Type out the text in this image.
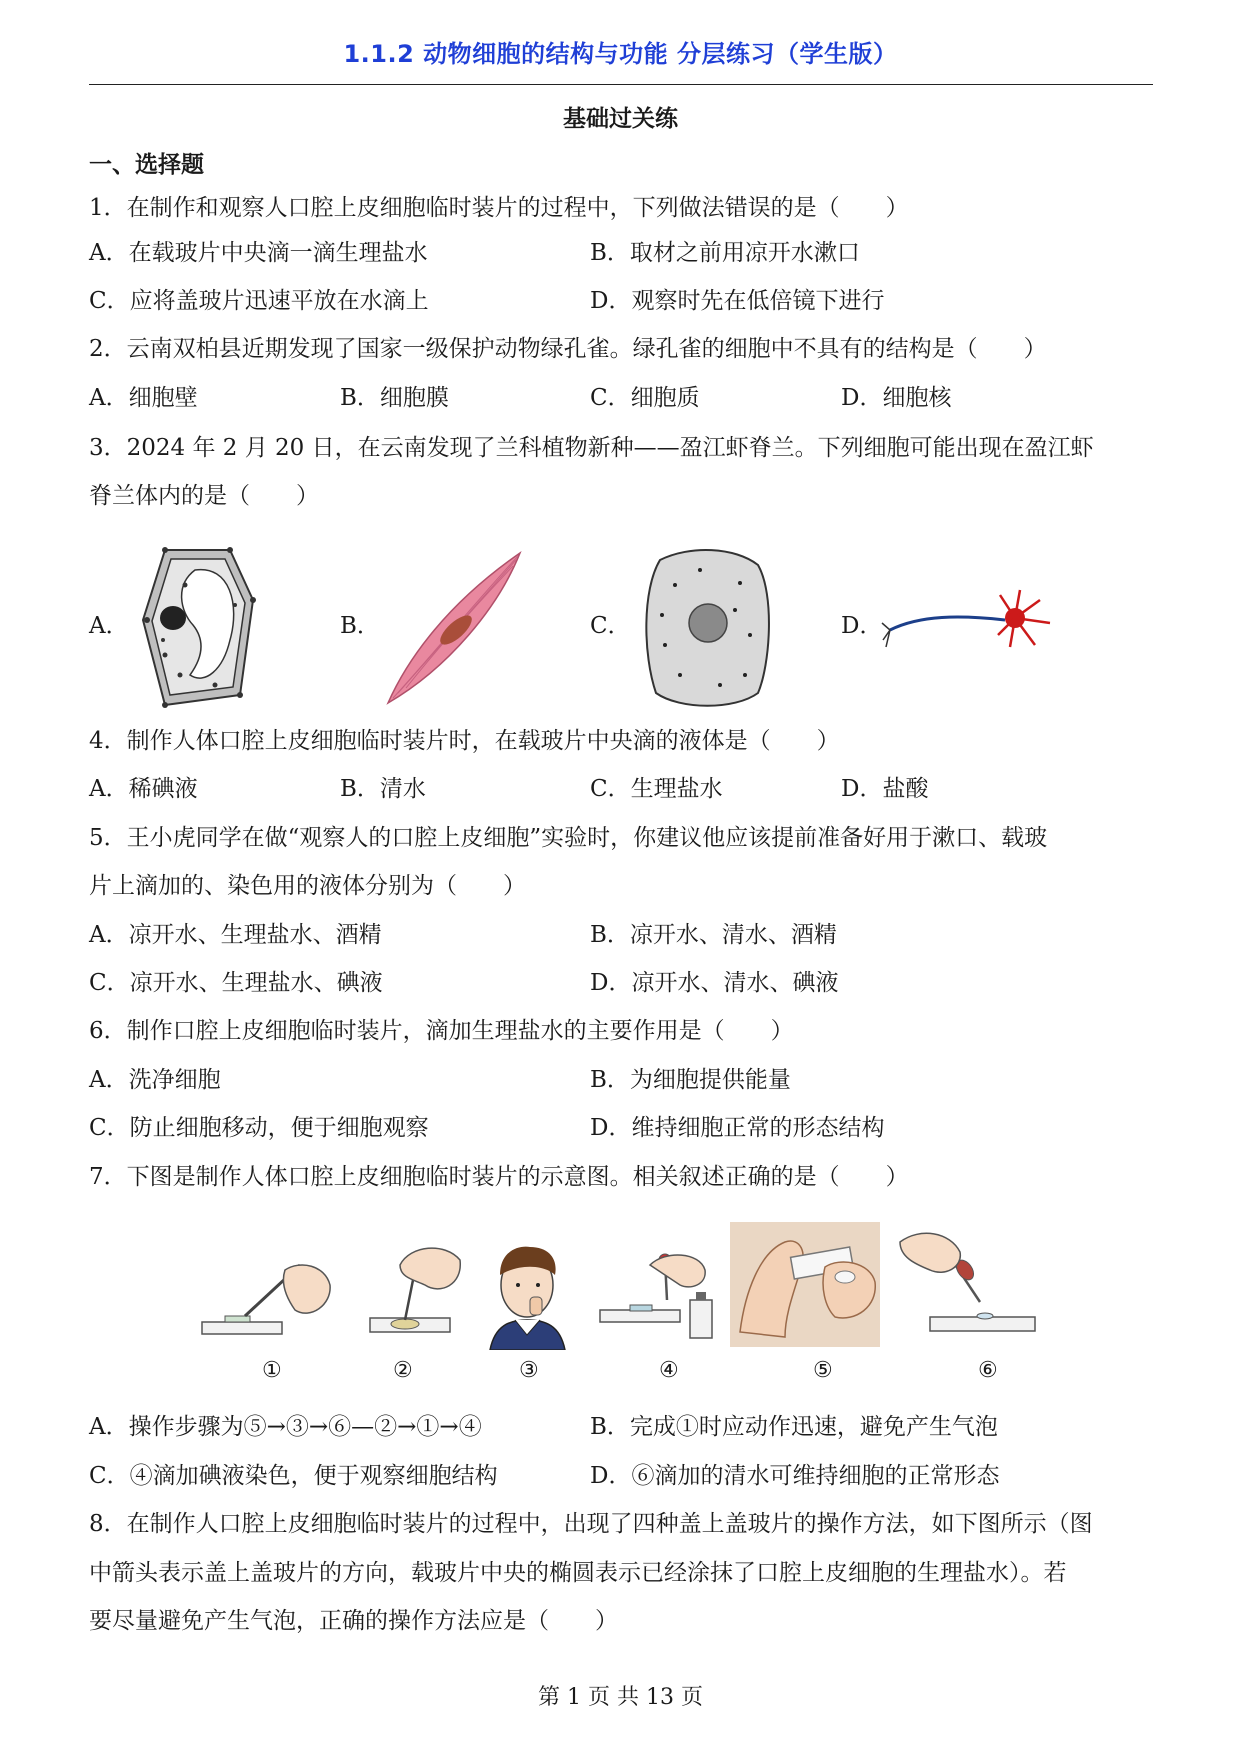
1.1.2 动物细胞的结构与功能 分层练习（学生版）
基础过关练
一、选择题
1．在制作和观察人口腔上皮细胞临时装片的过程中，下列做法错误的是（　　）
A．在载玻片中央滴一滴生理盐水	B．取材之前用凉开水漱口
C．应将盖玻片迅速平放在水滴上	D．观察时先在低倍镜下进行
2．云南双柏县近期发现了国家一级保护动物绿孔雀。绿孔雀的细胞中不具有的结构是（　　）
A．细胞壁	B．细胞膜	C．细胞质	D．细胞核
3．2024 年 2 月 20 日，在云南发现了兰科植物新种——盈江虾脊兰。下列细胞可能出现在盈江虾
脊兰体内的是（　　）
A．	B．	C．	D．
4．制作人体口腔上皮细胞临时装片时，在载玻片中央滴的液体是（　　）
A．稀碘液	B．清水	C．生理盐水	D．盐酸
5．王小虎同学在做“观察人的口腔上皮细胞”实验时，你建议他应该提前准备好用于漱口、载玻
片上滴加的、染色用的液体分别为（　　）
A．凉开水、生理盐水、酒精	B．凉开水、清水、酒精
C．凉开水、生理盐水、碘液	D．凉开水、清水、碘液
6．制作口腔上皮细胞临时装片，滴加生理盐水的主要作用是（　　）
A．洗净细胞	B．为细胞提供能量
C．防止细胞移动，便于细胞观察	D．维持细胞正常的形态结构
7．下图是制作人体口腔上皮细胞临时装片的示意图。相关叙述正确的是（　　）
①	②	③	④	⑤	⑥
A．操作步骤为⑤→③→⑥—②→①→④	B．完成①时应动作迅速，避免产生气泡
C．④滴加碘液染色，便于观察细胞结构	D．⑥滴加的清水可维持细胞的正常形态
8．在制作人口腔上皮细胞临时装片的过程中，出现了四种盖上盖玻片的操作方法，如下图所示（图
中箭头表示盖上盖玻片的方向，载玻片中央的椭圆表示已经涂抹了口腔上皮细胞的生理盐水）。若
要尽量避免产生气泡，正确的操作方法应是（　　）
第 1 页 共 13 页
